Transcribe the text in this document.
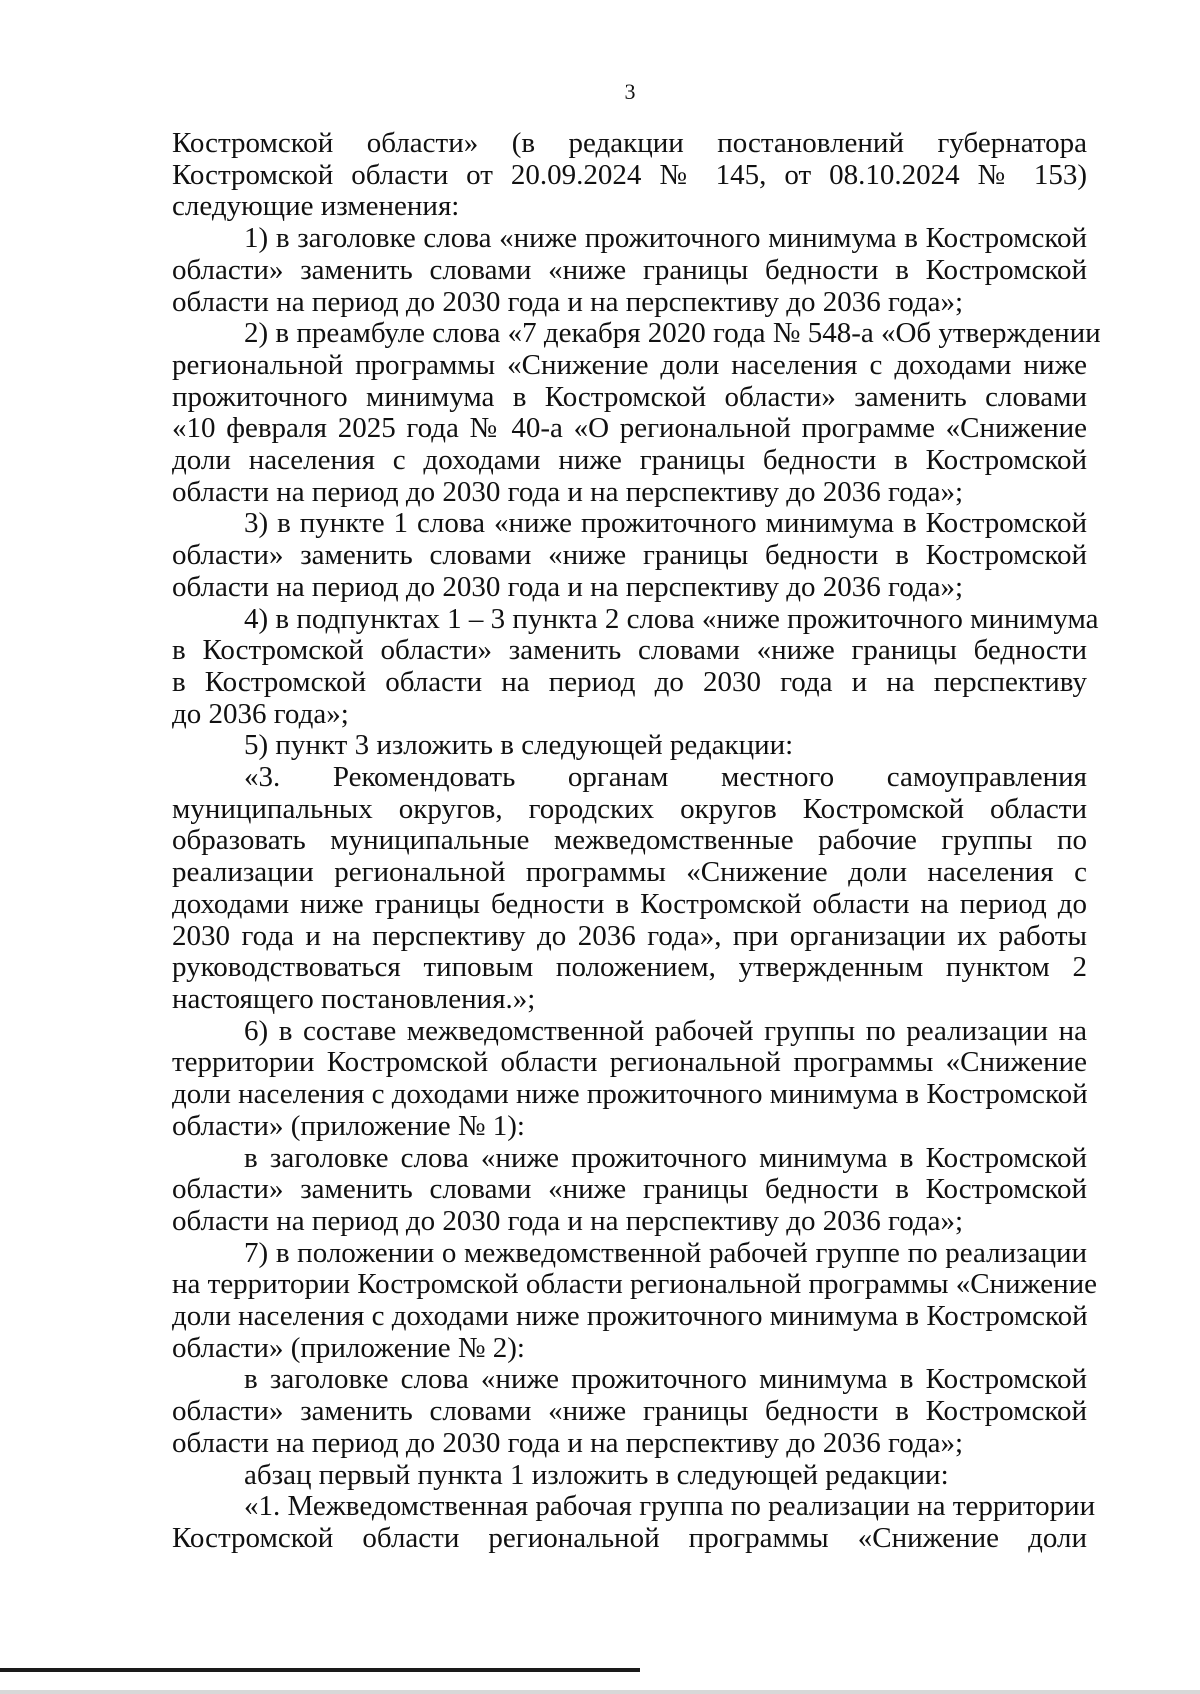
3
Костромской области» (в редакции постановлений губернатора
Костромской области от 20.09.2024 № 145, от 08.10.2024 № 153)
следующие изменения:
1) в заголовке слова «ниже прожиточного минимума в Костромской
области» заменить словами «ниже границы бедности в Костромской
области на период до 2030 года и на перспективу до 2036 года»;
2) в преамбуле слова «7 декабря 2020 года № 548-а «Об утверждении
региональной программы «Снижение доли населения с доходами ниже
прожиточного минимума в Костромской области» заменить словами
«10 февраля 2025 года № 40-а «О региональной программе «Снижение
доли населения с доходами ниже границы бедности в Костромской
области на период до 2030 года и на перспективу до 2036 года»;
3) в пункте 1 слова «ниже прожиточного минимума в Костромской
области» заменить словами «ниже границы бедности в Костромской
области на период до 2030 года и на перспективу до 2036 года»;
4) в подпунктах 1 – 3 пункта 2 слова «ниже прожиточного минимума
в Костромской области» заменить словами «ниже границы бедности
в Костромской области на период до 2030 года и на перспективу
до 2036 года»;
5) пункт 3 изложить в следующей редакции:
«3. Рекомендовать органам местного самоуправления
муниципальных округов, городских округов Костромской области
образовать муниципальные межведомственные рабочие группы по
реализации региональной программы «Снижение доли населения с
доходами ниже границы бедности в Костромской области на период до
2030 года и на перспективу до 2036 года», при организации их работы
руководствоваться типовым положением, утвержденным пунктом 2
настоящего постановления.»;
6) в составе межведомственной рабочей группы по реализации на
территории Костромской области региональной программы «Снижение
доли населения с доходами ниже прожиточного минимума в Костромской
области» (приложение № 1):
в заголовке слова «ниже прожиточного минимума в Костромской
области» заменить словами «ниже границы бедности в Костромской
области на период до 2030 года и на перспективу до 2036 года»;
7) в положении о межведомственной рабочей группе по реализации
на территории Костромской области региональной программы «Снижение
доли населения с доходами ниже прожиточного минимума в Костромской
области» (приложение № 2):
в заголовке слова «ниже прожиточного минимума в Костромской
области» заменить словами «ниже границы бедности в Костромской
области на период до 2030 года и на перспективу до 2036 года»;
абзац первый пункта 1 изложить в следующей редакции:
«1. Межведомственная рабочая группа по реализации на территории
Костромской области региональной программы «Снижение доли
